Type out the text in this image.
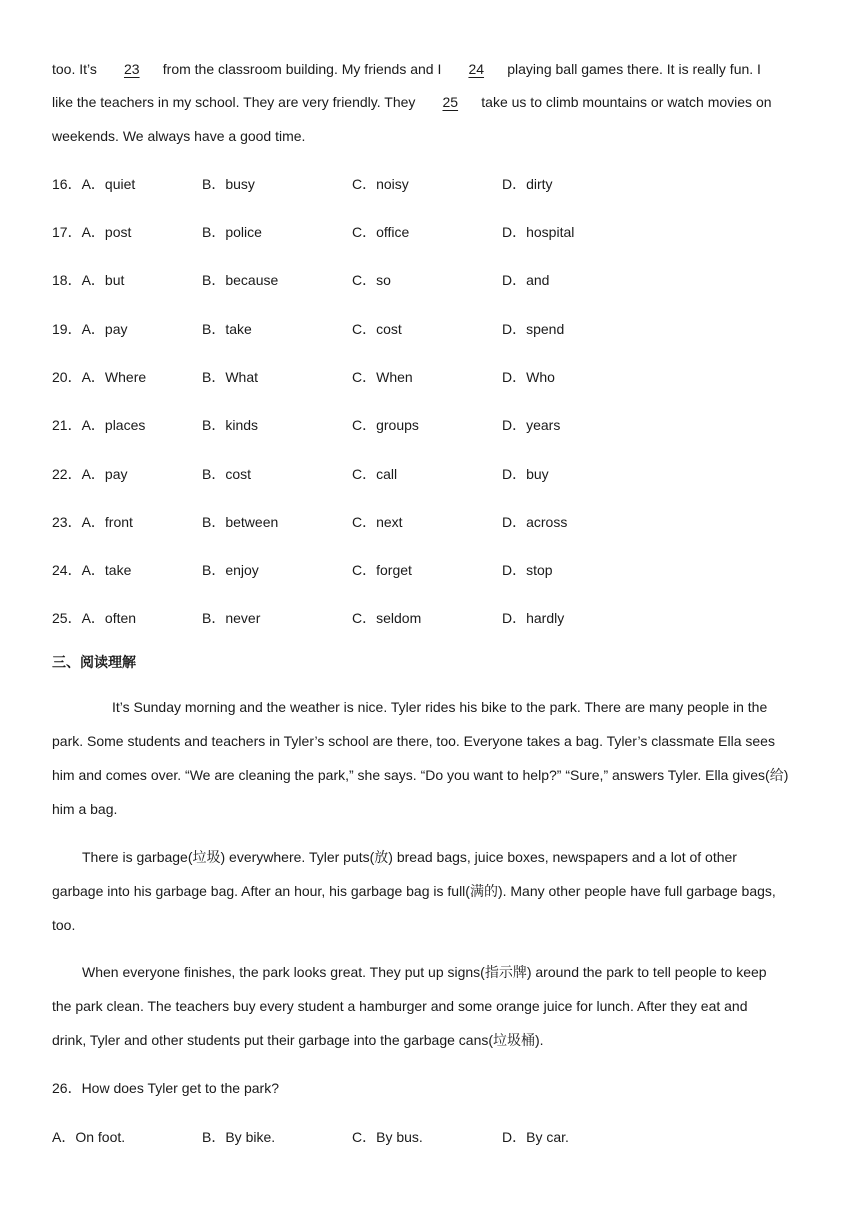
too. It’s 23 from the classroom building. My friends and I 24 playing ball games there. It is really fun. I
like the teachers in my school. They are very friendly. They 25 take us to climb mountains or watch movies on
weekends. We always have a good time.
16．A．quiet	B．busy	C．noisy	D．dirty
17．A．post	B．police	C．office	D．hospital
18．A．but	B．because	C．so	D．and
19．A．pay	B．take	C．cost	D．spend
20．A．Where	B．What	C．When	D．Who
21．A．places	B．kinds	C．groups	D．years
22．A．pay	B．cost	C．call	D．buy
23．A．front	B．between	C．next	D．across
24．A．take	B．enjoy	C．forget	D．stop
25．A．often	B．never	C．seldom	D．hardly
三、阅读理解
It’s Sunday morning and the weather is nice. Tyler rides his bike to the park. There are many people in the
park. Some students and teachers in Tyler’s school are there, too. Everyone takes a bag. Tyler’s classmate Ella sees
him and comes over. “We are cleaning the park,” she says. “Do you want to help?” “Sure,” answers Tyler. Ella gives(给)
him a bag.
There is garbage(垃圾) everywhere. Tyler puts(放) bread bags, juice boxes, newspapers and a lot of other
garbage into his garbage bag. After an hour, his garbage bag is full(满的). Many other people have full garbage bags,
too.
When everyone finishes, the park looks great. They put up signs(指示牌) around the park to tell people to keep
the park clean. The teachers buy every student a hamburger and some orange juice for lunch. After they eat and
drink, Tyler and other students put their garbage into the garbage cans(垃圾桶).
26．How does Tyler get to the park?
A．On foot.	B．By bike.	C．By bus.	D．By car.
